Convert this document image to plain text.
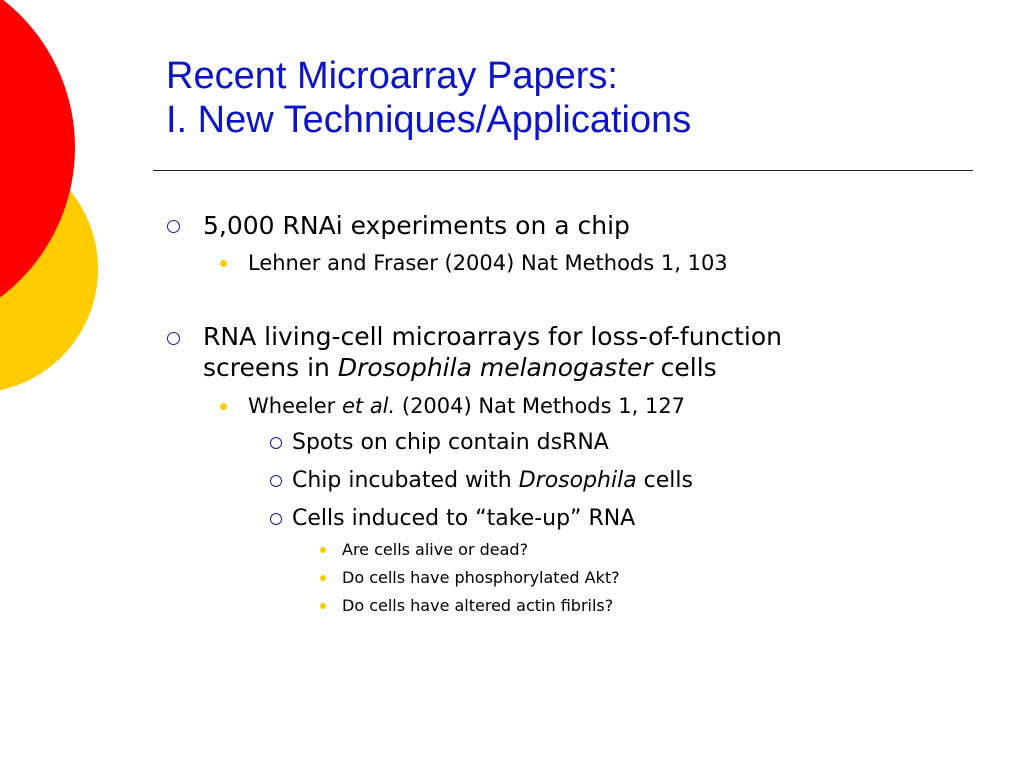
Recent Microarray Papers:
I. New Techniques/Applications
5,000 RNAi experiments on a chip
Lehner and Fraser (2004) Nat Methods 1, 103
RNA living-cell microarrays for loss-of-function
screens in Drosophila melanogaster cells
Wheeler et al. (2004) Nat Methods 1, 127
Spots on chip contain dsRNA
Chip incubated with Drosophila cells
Cells induced to “take-up” RNA
Are cells alive or dead?
Do cells have phosphorylated Akt?
Do cells have altered actin fibrils?
